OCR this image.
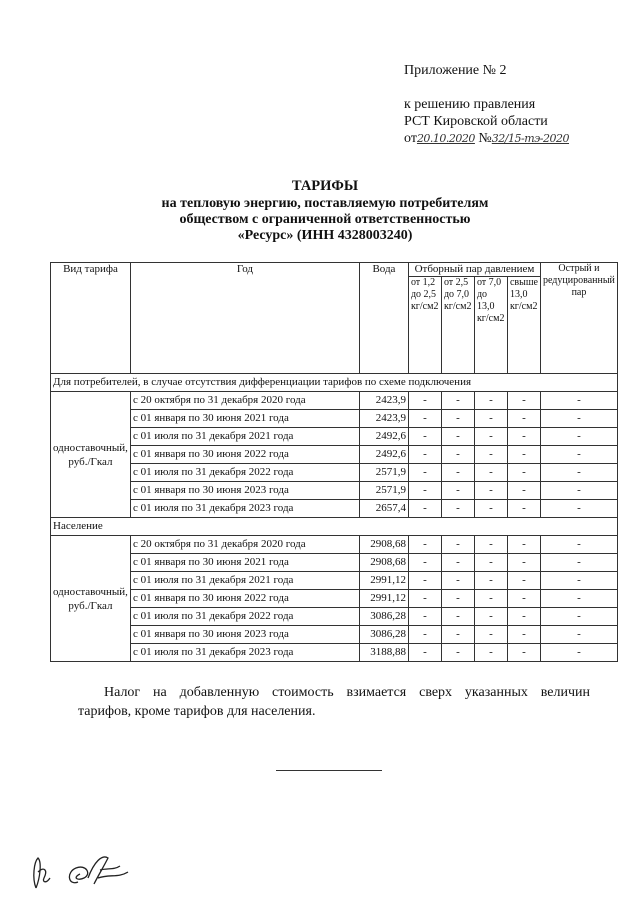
Приложение № 2
к решению правления
РСТ Кировской области
от20.10.2020 №32/15-тэ-2020
ТАРИФЫ
на тепловую энергию, поставляемую потребителям
обществом с ограниченной ответственностью
«Ресурс» (ИНН 4328003240)
Вид тарифа	Год	Вода	Отборный пар давлением				Острый и редуцированный пар
			от 1,2 до 2,5 кг/см2	от 2,5 до 7,0 кг/см2	от 7,0 до 13,0 кг/см2	свыше 13,0 кг/см2	
Для потребителей, в случае отсутствия дифференциации тарифов по схеме подключения							
одноставочный, руб./Гкал	с 20 октября по 31 декабря 2020 года	2423,9	-	-	-	-	-
	с 01 января по 30 июня 2021 года	2423,9	-	-	-	-	-
	с 01 июля по 31 декабря 2021 года	2492,6	-	-	-	-	-
	с 01 января по 30 июня 2022 года	2492,6	-	-	-	-	-
	с 01 июля по 31 декабря 2022 года	2571,9	-	-	-	-	-
	с 01 января по 30 июня 2023 года	2571,9	-	-	-	-	-
	с 01 июля по 31 декабря 2023 года	2657,4	-	-	-	-	-
Население							
одноставочный, руб./Гкал	с 20 октября по 31 декабря 2020 года	2908,68	-	-	-	-	-
	с 01 января по 30 июня 2021 года	2908,68	-	-	-	-	-
	с 01 июля по 31 декабря 2021 года	2991,12	-	-	-	-	-
	с 01 января по 30 июня 2022 года	2991,12	-	-	-	-	-
	с 01 июля по 31 декабря 2022 года	3086,28	-	-	-	-	-
	с 01 января по 30 июня 2023 года	3086,28	-	-	-	-	-
	с 01 июля по 31 декабря 2023 года	3188,88	-	-	-	-	-
Налог на добавленную стоимость взимается сверх указанных величин
тарифов, кроме тарифов для населения.
